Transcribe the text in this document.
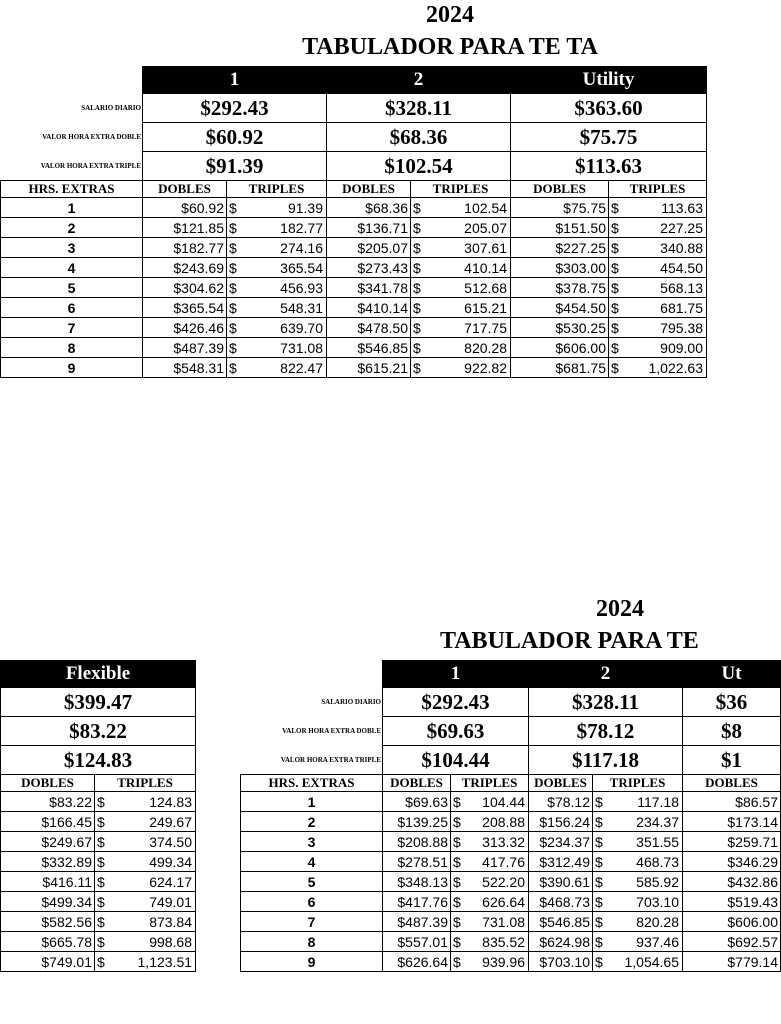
2024
TABULADOR PARA TE TA
	1		2		Utility	
SALARIO DIARIO	$292.43		$328.11		$363.60	
VALOR HORA EXTRA DOBLE	$60.92		$68.36		$75.75	
VALOR HORA EXTRA TRIPLE	$91.39		$102.54		$113.63	
HRS. EXTRAS	DOBLES	TRIPLES	DOBLES	TRIPLES	DOBLES	TRIPLES
1	$60.92	$ 91.39	$68.36	$ 102.54	$75.75	$ 113.63

2	$121.85	$ 182.77	$136.71	$ 205.07	$151.50	$ 227.25

3	$182.77	$ 274.16	$205.07	$ 307.61	$227.25	$ 340.88

4	$243.69	$ 365.54	$273.43	$ 410.14	$303.00	$ 454.50

5	$304.62	$ 456.93	$341.78	$ 512.68	$378.75	$ 568.13

6	$365.54	$ 548.31	$410.14	$ 615.21	$454.50	$ 681.75

7	$426.46	$ 639.70	$478.50	$ 717.75	$530.25	$ 795.38

8	$487.39	$ 731.08	$546.85	$ 820.28	$606.00	$ 909.00

9	$548.31	$ 822.47	$615.21	$ 922.82	$681.75	$ 1,022.63
Flexible	
$399.47	
$83.22	
$124.83	
DOBLES	TRIPLES
$83.22	$ 124.83

$166.45	$ 249.67

$249.67	$ 374.50

$332.89	$ 499.34

$416.11	$ 624.17

$499.34	$ 749.01

$582.56	$ 873.84

$665.78	$ 998.68

$749.01	$ 1,123.51
2024
TABULADOR PARA TE
	1		2		Ut
SALARIO DIARIO	$292.43		$328.11		$36
VALOR HORA EXTRA DOBLE	$69.63		$78.12		$8
VALOR HORA EXTRA TRIPLE	$104.44		$117.18		$1
HRS. EXTRAS	DOBLES	TRIPLES	DOBLES	TRIPLES	DOBLES
1	$69.63	$ 104.44	$78.12	$ 117.18	$86.57
2	$139.25	$ 208.88	$156.24	$ 234.37	$173.14
3	$208.88	$ 313.32	$234.37	$ 351.55	$259.71
4	$278.51	$ 417.76	$312.49	$ 468.73	$346.29
5	$348.13	$ 522.20	$390.61	$ 585.92	$432.86
6	$417.76	$ 626.64	$468.73	$ 703.10	$519.43
7	$487.39	$ 731.08	$546.85	$ 820.28	$606.00
8	$557.01	$ 835.52	$624.98	$ 937.46	$692.57
9	$626.64	$ 939.96	$703.10	$ 1,054.65	$779.14
